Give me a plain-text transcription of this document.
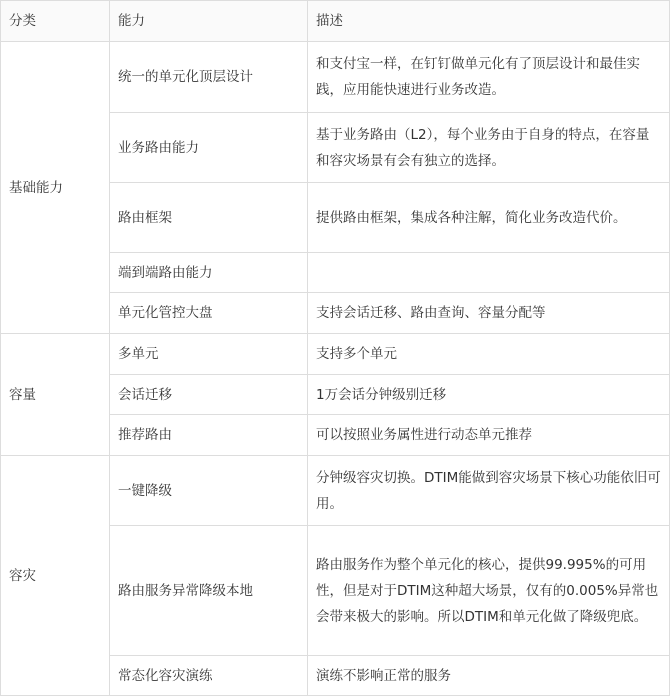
分类	能力	描述
基础能力	统一的单元化顶层设计	和支付宝一样，在钉钉做单元化有了顶层设计和最佳实践，应用能快速进行业务改造。
	业务路由能力	基于业务路由（L2），每个业务由于自身的特点，在容量和容灾场景有会有独立的选择。
	路由框架	提供路由框架，集成各种注解，简化业务改造代价。
	端到端路由能力	
	单元化管控大盘	支持会话迁移、路由查询、容量分配等
容量	多单元	支持多个单元
	会话迁移	1万会话分钟级别迁移
	推荐路由	可以按照业务属性进行动态单元推荐
容灾	一键降级	分钟级容灾切换。DTIM能做到容灾场景下核心功能依旧可用。
	路由服务异常降级本地	路由服务作为整个单元化的核心，提供99.995%的可用性，但是对于DTIM这种超大场景，仅有的0.005%异常也会带来极大的影响。所以DTIM和单元化做了降级兜底。
	常态化容灾演练	演练不影响正常的服务
